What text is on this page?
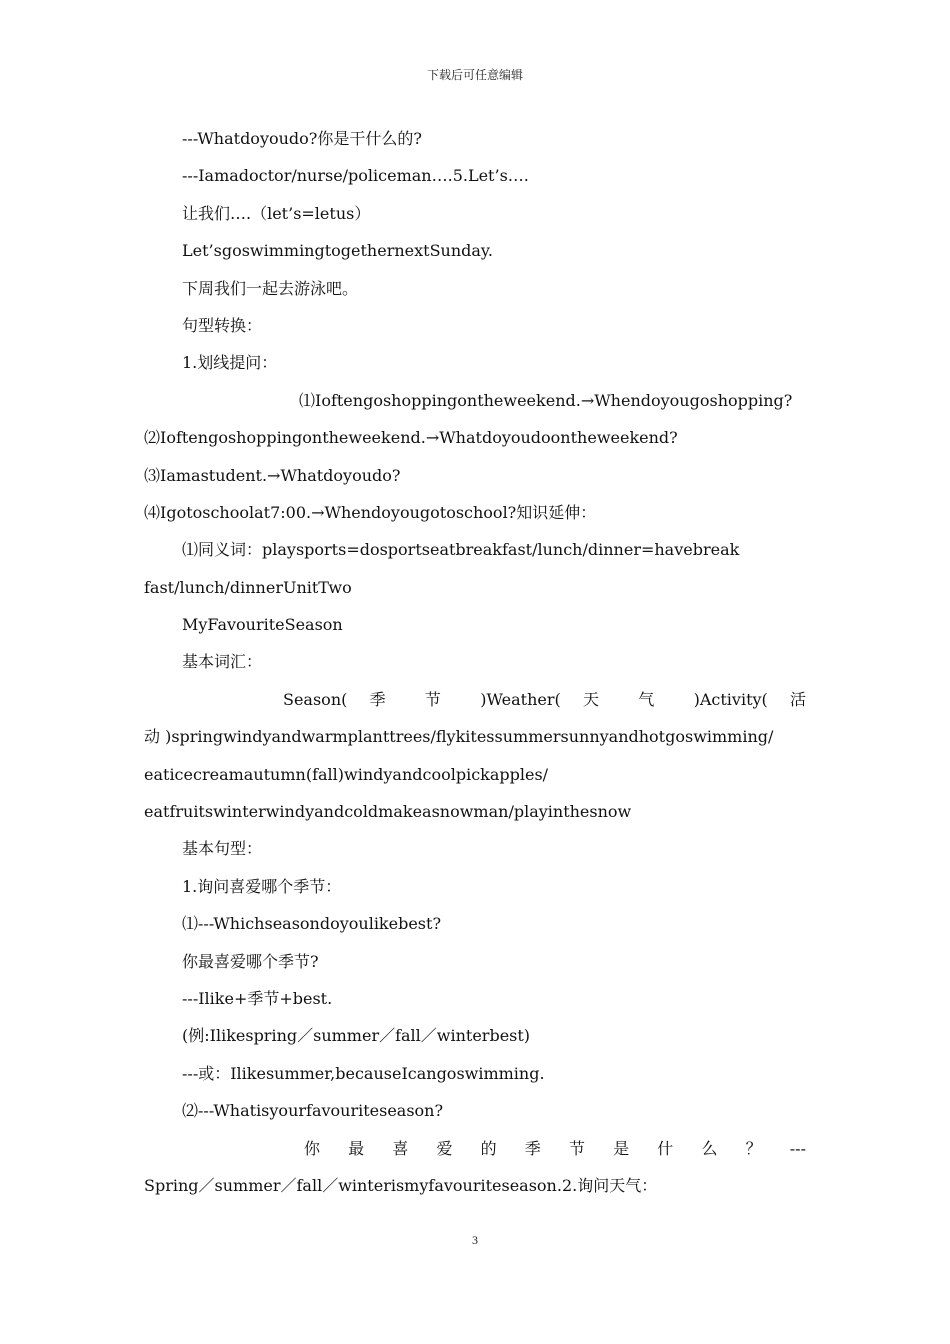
下载后可任意编辑
---Whatdoyoudo?你是干什么的?
---Iamadoctor/nurse/policeman….5.Let’s….
让我们….（let’s=letus）
Let’sgoswimmingtogethernextSunday.
下周我们一起去游泳吧。
句型转换：
1.划线提问：
⑴Ioftengoshoppingontheweekend.→Whendoyougoshopping?
⑵Ioftengoshoppingontheweekend.→Whatdoyoudoontheweekend?
⑶Iamastudent.→Whatdoyoudo?
⑷Igotoschoolat7:00.→Whendoyougotoschool?知识延伸：
⑴同义词：playsports=dosportseatbreakfast/lunch/dinner=havebreak
fast/lunch/dinnerUnitTwo
MyFavouriteSeason
基本词汇：
Season( 季 节 )Weather( 天 气 )Activity( 活
动 )springwindyandwarmplanttrees/flykitessummersunnyandhotgoswimming/
eaticecreamautumn(fall)windyandcoolpickapples/
eatfruitswinterwindyandcoldmakeasnowman/playinthesnow
基本句型：
1.询问喜爱哪个季节：
⑴---Whichseasondoyoulikebest?
你最喜爱哪个季节?
---Ilike+季节+best.
(例:Ilikespring／summer／fall／winterbest)
---或：Ilikesummer,becauseIcangoswimming.
⑵---Whatisyourfavouriteseason?
你 最 喜 爱 的 季 节 是 什 么 ？ ---
Spring／summer／fall／winterismyfavouriteseason.2.询问天气：
3
